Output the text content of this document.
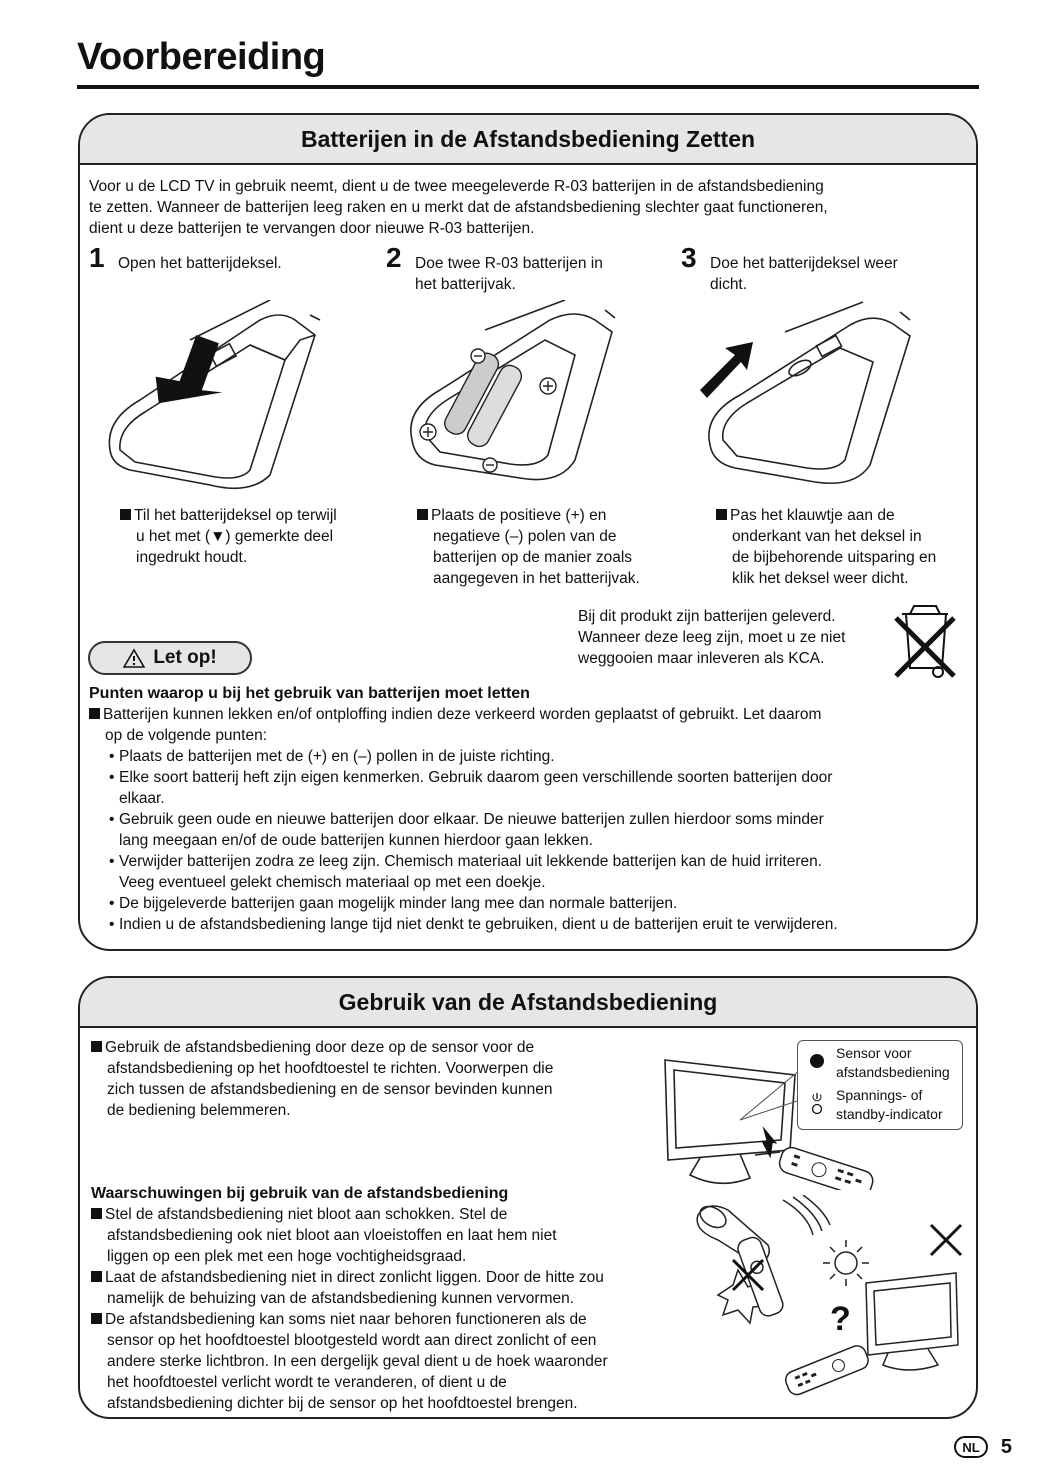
Voorbereiding
Batterijen in de Afstandsbediening Zetten
Voor u de LCD TV in gebruik neemt, dient u de twee meegeleverde R-03 batterijen in de afstandsbediening
te zetten. Wanneer de batterijen leeg raken en u merkt dat de afstandsbediening slechter gaat functioneren,
dient u deze batterijen te vervangen door nieuwe R-03 batterijen.
1 Open het batterijdeksel.	2 Doe twee R-03 batterijen in
het batterijvak.
3 Doe het batterijdeksel weer
dicht.
Til het batterijdeksel op terwijl
u het met (▼) gemerkte deel
ingedrukt houdt.
Plaats de positieve (+) en
negatieve (–) polen van de
batterijen op de manier zoals
aangegeven in het batterijvak.
Pas het klauwtje aan de
onderkant van het deksel in
de bijbehorende uitsparing en
klik het deksel weer dicht.
Bij dit produkt zijn batterijen geleverd.
Wanneer deze leeg zijn, moet u ze niet
weggooien maar inleveren als KCA.
Let op!
Punten waarop u bij het gebruik van batterijen moet letten
Batterijen kunnen lekken en/of ontploffing indien deze verkeerd worden geplaatst of gebruikt. Let daarom
op de volgende punten:
• Plaats de batterijen met de (+) en (–) pollen in de juiste richting.
• Elke soort batterij heft zijn eigen kenmerken. Gebruik daarom geen verschillende soorten batterijen door
elkaar.
• Gebruik geen oude en nieuwe batterijen door elkaar. De nieuwe batterijen zullen hierdoor soms minder
lang meegaan en/of de oude batterijen kunnen hierdoor gaan lekken.
• Verwijder batterijen zodra ze leeg zijn. Chemisch materiaal uit lekkende batterijen kan de huid irriteren.
Veeg eventueel gelekt chemisch materiaal op met een doekje.
• De bijgeleverde batterijen gaan mogelijk minder lang mee dan normale batterijen.
• Indien u de afstandsbediening lange tijd niet denkt te gebruiken, dient u de batterijen eruit te verwijderen.
Gebruik van de Afstandsbediening
Gebruik de afstandsbediening door deze op de sensor voor de
afstandsbediening op het hoofdtoestel te richten. Voorwerpen die
zich tussen de afstandsbediening en de sensor bevinden kunnen
de bediening belemmeren.
Sensor voor
afstandsbediening
Spannings- of
standby-indicator
Waarschuwingen bij gebruik van de afstandsbediening
Stel de afstandsbediening niet bloot aan schokken. Stel de
afstandsbediening ook niet bloot aan vloeistoffen en laat hem niet
liggen op een plek met een hoge vochtigheidsgraad.
Laat de afstandsbediening niet in direct zonlicht liggen. Door de hitte zou
namelijk de behuizing van de afstandsbediening kunnen vervormen.
De afstandsbediening kan soms niet naar behoren functioneren als de
sensor op het hoofdtoestel blootgesteld wordt aan direct zonlicht of een
andere sterke lichtbron. In een dergelijk geval dient u de hoek waaronder
het hoofdtoestel verlicht wordt te veranderen, of dient u de
afstandsbediening dichter bij de sensor op het hoofdtoestel brengen.
?
NL	5
